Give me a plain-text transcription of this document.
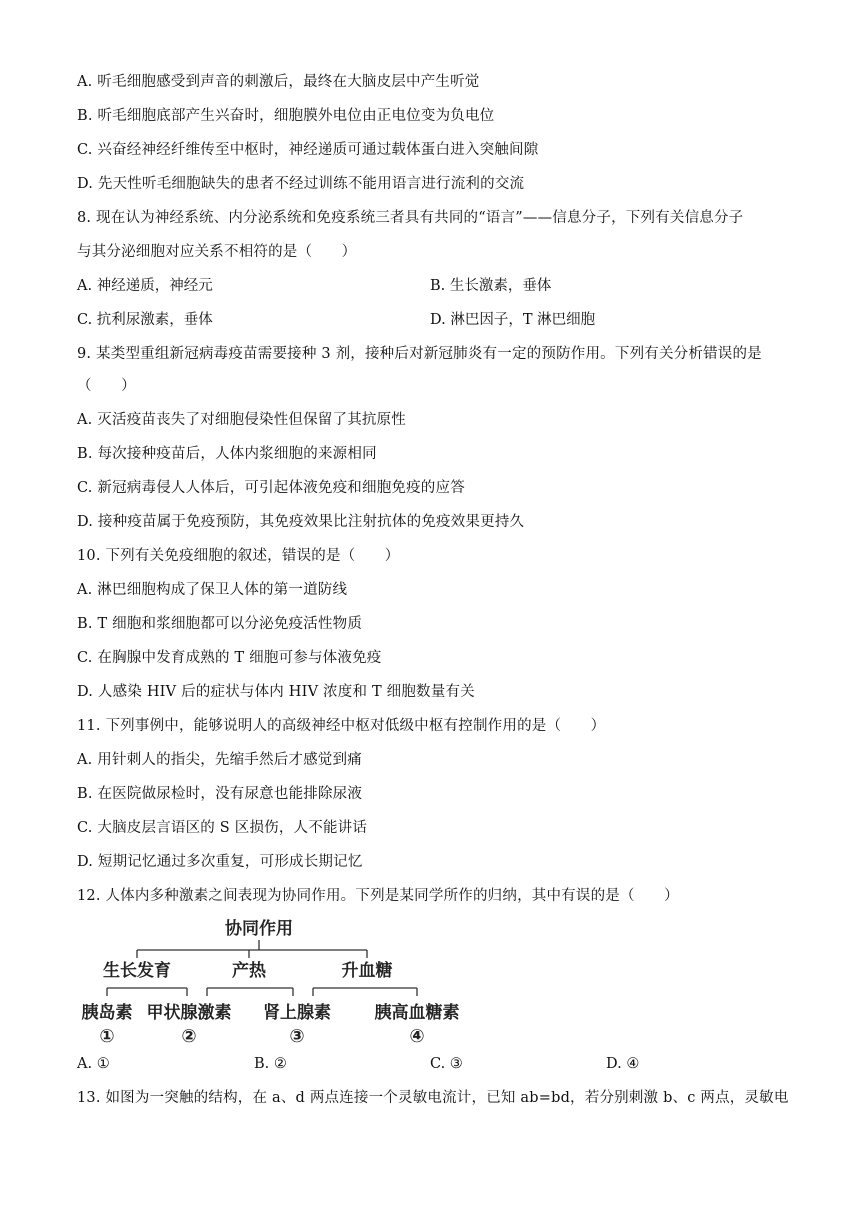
A. 听毛细胞感受到声音的刺激后，最终在大脑皮层中产生听觉
B. 听毛细胞底部产生兴奋时，细胞膜外电位由正电位变为负电位
C. 兴奋经神经纤维传至中枢时，神经递质可通过载体蛋白进入突触间隙
D. 先天性听毛细胞缺失的患者不经过训练不能用语言进行流利的交流
8. 现在认为神经系统、内分泌系统和免疫系统三者具有共同的“语言”——信息分子，下列有关信息分子
与其分泌细胞对应关系不相符的是（　　）
A. 神经递质，神经元	B. 生长激素，垂体
C. 抗利尿激素，垂体	D. 淋巴因子，T 淋巴细胞
9. 某类型重组新冠病毒疫苗需要接种 3 剂，接种后对新冠肺炎有一定的预防作用。下列有关分析错误的是
（　　）
A. 灭活疫苗丧失了对细胞侵染性但保留了其抗原性
B. 每次接种疫苗后，人体内浆细胞的来源相同
C. 新冠病毒侵人人体后，可引起体液免疫和细胞免疫的应答
D. 接种疫苗属于免疫预防，其免疫效果比注射抗体的免疫效果更持久
10. 下列有关免疫细胞的叙述，错误的是（　　）
A. 淋巴细胞构成了保卫人体的第一道防线
B. T 细胞和浆细胞都可以分泌免疫活性物质
C. 在胸腺中发育成熟的 T 细胞可参与体液免疫
D. 人感染 HIV 后的症状与体内 HIV 浓度和 T 细胞数量有关
11. 下列事例中，能够说明人的高级神经中枢对低级中枢有控制作用的是（　　）
A. 用针刺人的指尖，先缩手然后才感觉到痛
B. 在医院做尿检时，没有尿意也能排除尿液
C. 大脑皮层言语区的 S 区损伤，人不能讲话
D. 短期记忆通过多次重复，可形成长期记忆
12. 人体内多种激素之间表现为协同作用。下列是某同学所作的归纳，其中有误的是（　　）
协同作用
生长发育	产热	升血糖
胰岛素 甲状腺激素 肾上腺素	胰高血糖素
①	②	③	④
A. ①	B. ②	C. ③	D. ④
13. 如图为一突触的结构，在 a、d 两点连接一个灵敏电流计，已知 ab=bd，若分别刺激 b、c 两点，灵敏电
